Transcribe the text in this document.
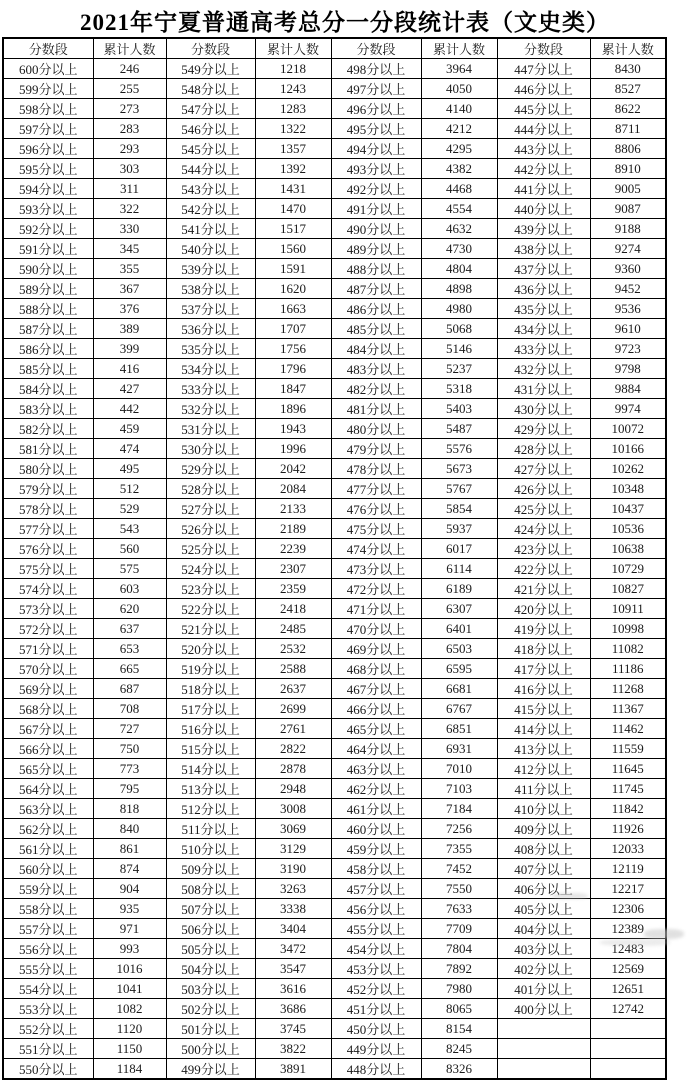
2021年宁夏普通高考总分一分段统计表（文史类）
分数段	累计人数	分数段	累计人数	分数段	累计人数	分数段	累计人数
600分以上	246	549分以上	1218	498分以上	3964	447分以上	8430
599分以上	255	548分以上	1243	497分以上	4050	446分以上	8527
598分以上	273	547分以上	1283	496分以上	4140	445分以上	8622
597分以上	283	546分以上	1322	495分以上	4212	444分以上	8711
596分以上	293	545分以上	1357	494分以上	4295	443分以上	8806
595分以上	303	544分以上	1392	493分以上	4382	442分以上	8910
594分以上	311	543分以上	1431	492分以上	4468	441分以上	9005
593分以上	322	542分以上	1470	491分以上	4554	440分以上	9087
592分以上	330	541分以上	1517	490分以上	4632	439分以上	9188
591分以上	345	540分以上	1560	489分以上	4730	438分以上	9274
590分以上	355	539分以上	1591	488分以上	4804	437分以上	9360
589分以上	367	538分以上	1620	487分以上	4898	436分以上	9452
588分以上	376	537分以上	1663	486分以上	4980	435分以上	9536
587分以上	389	536分以上	1707	485分以上	5068	434分以上	9610
586分以上	399	535分以上	1756	484分以上	5146	433分以上	9723
585分以上	416	534分以上	1796	483分以上	5237	432分以上	9798
584分以上	427	533分以上	1847	482分以上	5318	431分以上	9884
583分以上	442	532分以上	1896	481分以上	5403	430分以上	9974
582分以上	459	531分以上	1943	480分以上	5487	429分以上	10072
581分以上	474	530分以上	1996	479分以上	5576	428分以上	10166
580分以上	495	529分以上	2042	478分以上	5673	427分以上	10262
579分以上	512	528分以上	2084	477分以上	5767	426分以上	10348
578分以上	529	527分以上	2133	476分以上	5854	425分以上	10437
577分以上	543	526分以上	2189	475分以上	5937	424分以上	10536
576分以上	560	525分以上	2239	474分以上	6017	423分以上	10638
575分以上	575	524分以上	2307	473分以上	6114	422分以上	10729
574分以上	603	523分以上	2359	472分以上	6189	421分以上	10827
573分以上	620	522分以上	2418	471分以上	6307	420分以上	10911
572分以上	637	521分以上	2485	470分以上	6401	419分以上	10998
571分以上	653	520分以上	2532	469分以上	6503	418分以上	11082
570分以上	665	519分以上	2588	468分以上	6595	417分以上	11186
569分以上	687	518分以上	2637	467分以上	6681	416分以上	11268
568分以上	708	517分以上	2699	466分以上	6767	415分以上	11367
567分以上	727	516分以上	2761	465分以上	6851	414分以上	11462
566分以上	750	515分以上	2822	464分以上	6931	413分以上	11559
565分以上	773	514分以上	2878	463分以上	7010	412分以上	11645
564分以上	795	513分以上	2948	462分以上	7103	411分以上	11745
563分以上	818	512分以上	3008	461分以上	7184	410分以上	11842
562分以上	840	511分以上	3069	460分以上	7256	409分以上	11926
561分以上	861	510分以上	3129	459分以上	7355	408分以上	12033
560分以上	874	509分以上	3190	458分以上	7452	407分以上	12119
559分以上	904	508分以上	3263	457分以上	7550	406分以上	12217
558分以上	935	507分以上	3338	456分以上	7633	405分以上	12306
557分以上	971	506分以上	3404	455分以上	7709	404分以上	12389
556分以上	993	505分以上	3472	454分以上	7804	403分以上	12483
555分以上	1016	504分以上	3547	453分以上	7892	402分以上	12569
554分以上	1041	503分以上	3616	452分以上	7980	401分以上	12651
553分以上	1082	502分以上	3686	451分以上	8065	400分以上	12742
552分以上	1120	501分以上	3745	450分以上	8154		
551分以上	1150	500分以上	3822	449分以上	8245		
550分以上	1184	499分以上	3891	448分以上	8326		
